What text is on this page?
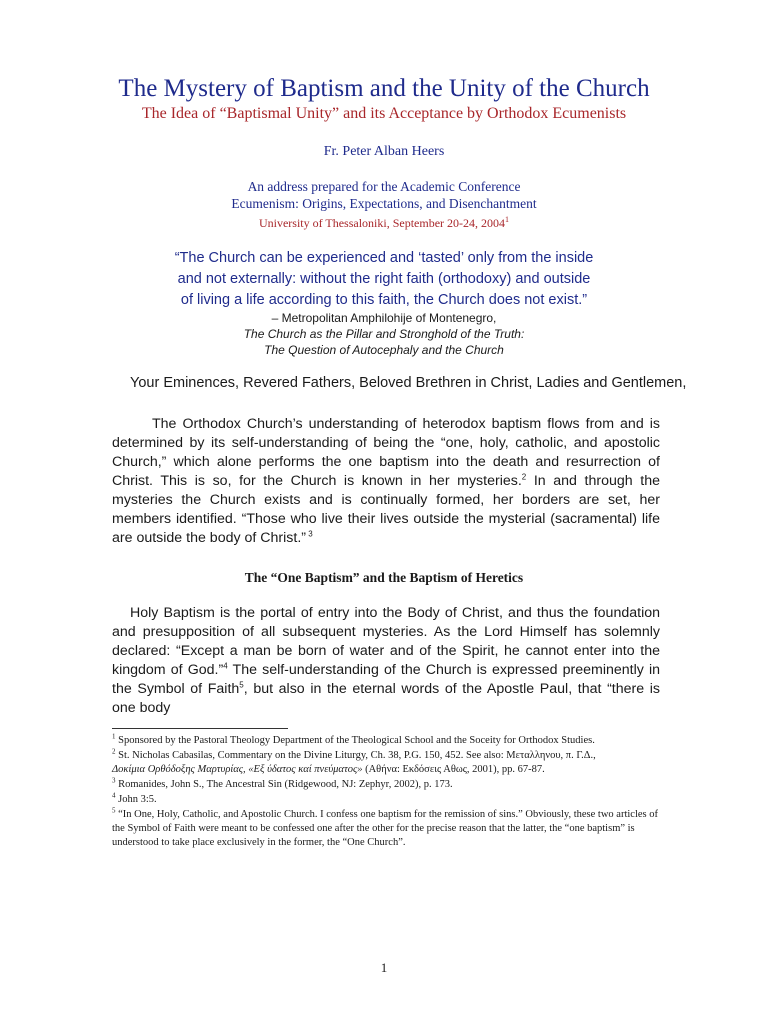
The Mystery of Baptism and the Unity of the Church
The Idea of “Baptismal Unity” and its Acceptance by Orthodox Ecumenists
Fr. Peter Alban Heers
An address prepared for the Academic Conference
Ecumenism: Origins, Expectations, and Disenchantment
University of Thessaloniki, September 20-24, 2004$^1$
“The Church can be experienced and ‘tasted’ only from the inside
and not externally: without the right faith (orthodoxy) and outside
of living a life according to this faith, the Church does not exist.”
– Metropolitan Amphilohije of Montenegro,
The Church as the Pillar and Stronghold of the Truth:
The Question of Autocephaly and the Church
Your Eminences, Revered Fathers, Beloved Brethren in Christ, Ladies and Gentlemen,

The Orthodox Church’s understanding of heterodox baptism flows from and is determined by its self-understanding of being the “one, holy, catholic, and apostolic Church,” which alone performs the one baptism into the death and resurrection of Christ. This is so, for the Church is known in her mysteries.$^2$ In and through the mysteries the Church exists and is continually formed, her borders are set, her members identified. “Those who live their lives outside the mysterial (sacramental) life are outside the body of Christ.” $^3$

The “One Baptism” and the Baptism of Heretics

Holy Baptism is the portal of entry into the Body of Christ, and thus the foundation and presupposition of all subsequent mysteries. As the Lord Himself has solemnly declared: “Except a man be born of water and of the Spirit, he cannot enter into the kingdom of God.”$^4$ The self-understanding of the Church is expressed preeminently in the Symbol of Faith$^5$, but also in the eternal words of the Apostle Paul, that “there is one body

$^1$ Sponsored by the Pastoral Theology Department of the Theological School and the Soceity for Orthodox Studies.
$^2$ St. Nicholas Cabasilas, Commentary on the Divine Liturgy, Ch. 38, P.G. 150, 452. See also: Μεταλληνου, π. Γ.Δ.,
Δοκίμια Ορθόδοξης Μαρτυρίας, «Εξ ύδατος καί πνεύματος» (Αθήνα: Εκδόσεις Αθως, 2001), pp. 67-87.
$^3$ Romanides, John S., The Ancestral Sin (Ridgewood, NJ: Zephyr, 2002), p. 173.
$^4$ John 3:5.
$^5$ “In One, Holy, Catholic, and Apostolic Church. I confess one baptism for the remission of sins.” Obviously, these two articles of the Symbol of Faith were meant to be confessed one after the other for the precise reason that the latter, the “one baptism” is understood to take place exclusively in the former, the “One Church”.
1
